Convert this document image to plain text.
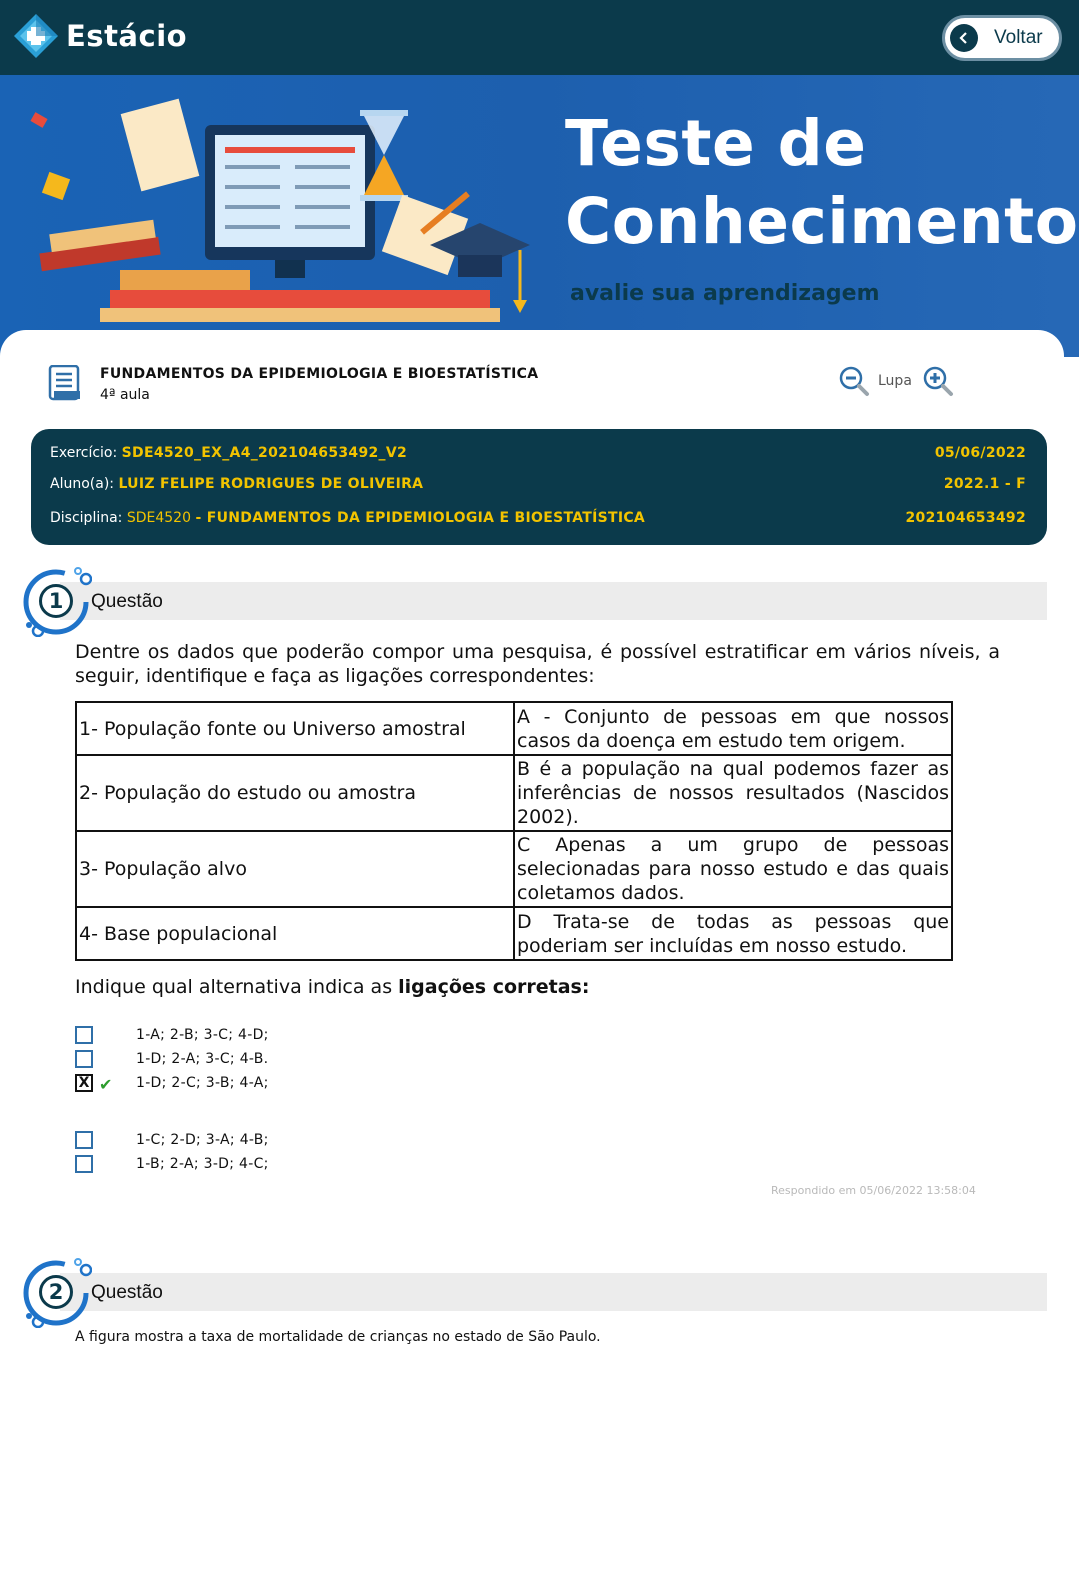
Estácio	Voltar
Teste de
Conhecimento
avalie sua aprendizagem
FUNDAMENTOS DA EPIDEMIOLOGIA E BIOESTATÍSTICA
4ª aula
Lupa
Exercício: SDE4520_EX_A4_202104653492_V2	05/06/2022
Aluno(a): LUIZ FELIPE RODRIGUES DE OLIVEIRA	2022.1 - F
Disciplina: SDE4520 - FUNDAMENTOS DA EPIDEMIOLOGIA E BIOESTATÍSTICA	202104653492
1	Questão
Dentre os dados que poderão compor uma pesquisa, é possível estratificar em vários níveis, a seguir, identifique e faça as ligações correspondentes:
1- População fonte ou Universo amostral	A - Conjunto de pessoas em que nossos casos da doença em estudo tem origem.
2- População do estudo ou amostra	B é a população na qual podemos fazer as inferências de nossos resultados (Nascidos 2002).
3- População alvo	C Apenas a um grupo de pessoas selecionadas para nosso estudo e das quais coletamos dados.
4- Base populacional	D Trata-se de todas as pessoas que poderiam ser incluídas em nosso estudo.
Indique qual alternativa indica as ligações corretas:
1-A; 2-B; 3-C; 4-D;
1-D; 2-A; 3-C; 4-B.
X ✔ 1-D; 2-C; 3-B; 4-A;
1-C; 2-D; 3-A; 4-B;
1-B; 2-A; 3-D; 4-C;
Respondido em 05/06/2022 13:58:04
2	Questão
A figura mostra a taxa de mortalidade de crianças no estado de São Paulo.
